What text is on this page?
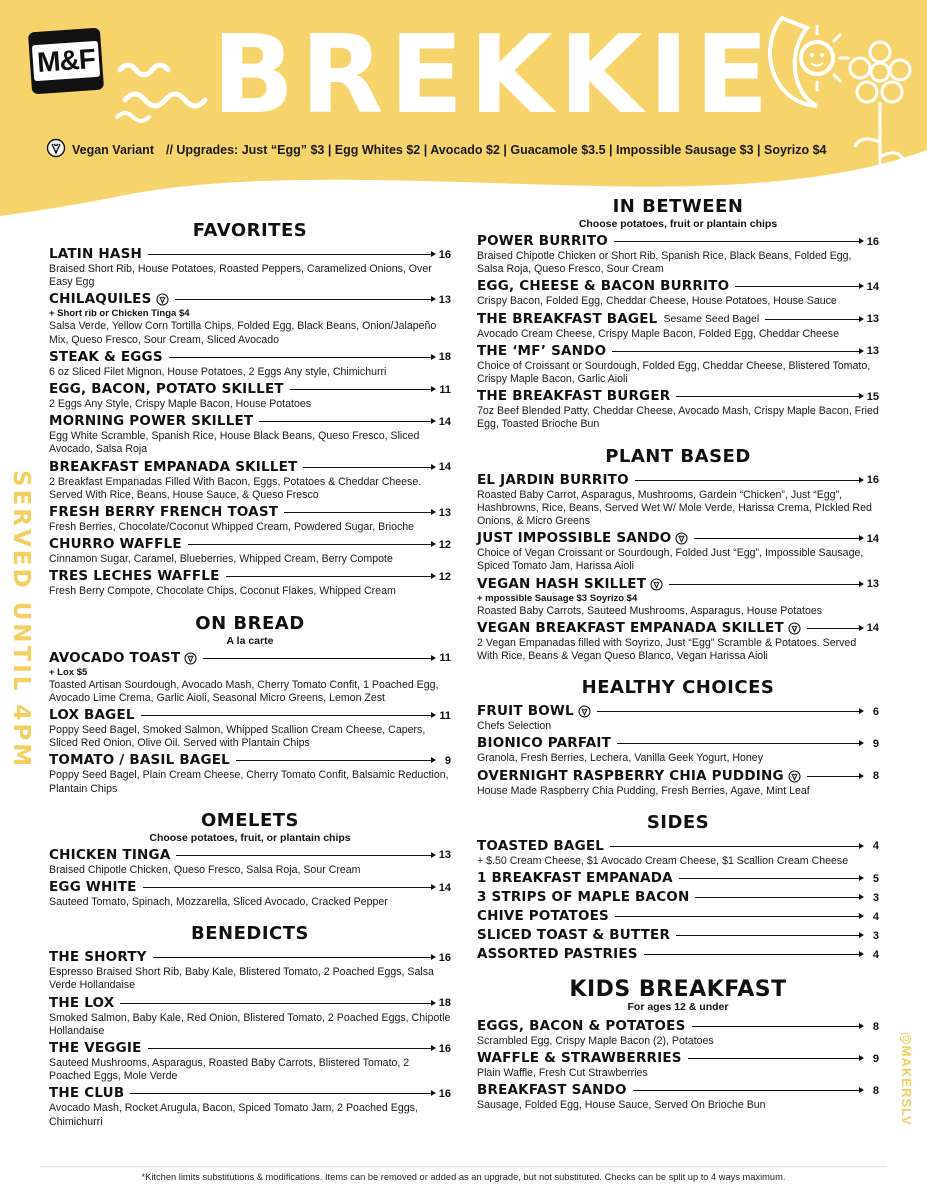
M&F BREKKIE
Vegan Variant // Upgrades: Just “Egg” $3 | Egg Whites $2 | Avocado $2 | Guacamole $3.5 | Impossible Sausage $3 | Soyrizo $4
SERVED UNTIL 4PM
@MAKERSLV
FAVORITES
LATIN HASH	16
Braised Short Rib, House Potatoes, Roasted Peppers, Caramelized Onions, Over Easy Egg
CHILAQUILES	13
+ Short rib or Chicken Tinga $4
Salsa Verde, Yellow Corn Tortilla Chips, Folded Egg, Black Beans, Onion/Jalapeño Mix, Queso Fresco, Sour Cream, Sliced Avocado
STEAK & EGGS	18
6 oz Sliced Filet Mignon, House Potatoes, 2 Eggs Any style, Chimichurri
EGG, BACON, POTATO SKILLET	11
2 Eggs Any Style, Crispy Maple Bacon, House Potatoes
MORNING POWER SKILLET	14
Egg White Scramble, Spanish Rice, House Black Beans, Queso Fresco, Sliced Avocado, Salsa Roja
BREAKFAST EMPANADA SKILLET	14
2 Breakfast Empanadas Filled With Bacon, Eggs, Potatoes & Cheddar Cheese. Served With Rice, Beans, House Sauce, & Queso Fresco
FRESH BERRY FRENCH TOAST	13
Fresh Berries, Chocolate/Coconut Whipped Cream, Powdered Sugar, Brioche
CHURRO WAFFLE	12
Cinnamon Sugar, Caramel, Blueberries, Whipped Cream, Berry Compote
TRES LECHES WAFFLE	12
Fresh Berry Compote, Chocolate Chips, Coconut Flakes, Whipped Cream
ON BREAD
A la carte
AVOCADO TOAST	11
+ Lox $5
Toasted Artisan Sourdough, Avocado Mash, Cherry Tomato Confit, 1 Poached Egg, Avocado Lime Crema, Garlic Aioli, Seasonal Micro Greens, Lemon Zest
LOX BAGEL	11
Poppy Seed Bagel, Smoked Salmon, Whipped Scallion Cream Cheese, Capers, Sliced Red Onion, Olive Oil. Served with Plantain Chips
TOMATO / BASIL BAGEL	9
Poppy Seed Bagel, Plain Cream Cheese, Cherry Tomato Confit, Balsamic Reduction, Plantain Chips
OMELETS
Choose potatoes, fruit, or plantain chips
CHICKEN TINGA	13
Braised Chipotle Chicken, Queso Fresco, Salsa Roja, Sour Cream
EGG WHITE	14
Sauteed Tomato, Spinach, Mozzarella, Sliced Avocado, Cracked Pepper
BENEDICTS
THE SHORTY	16
Espresso Braised Short Rib, Baby Kale, Blistered Tomato, 2 Poached Eggs, Salsa Verde Hollandaise
THE LOX	18
Smoked Salmon, Baby Kale, Red Onion, Blistered Tomato, 2 Poached Eggs, Chipotle Hollandaise
THE VEGGIE	16
Sauteed Mushrooms, Asparagus, Roasted Baby Carrots, Blistered Tomato, 2 Poached Eggs, Mole Verde
THE CLUB	16
Avocado Mash, Rocket Arugula, Bacon, Spiced Tomato Jam, 2 Poached Eggs, Chimichurri
IN BETWEEN
Choose potatoes, fruit or plantain chips
POWER BURRITO	16
Braised Chipotle Chicken or Short Rib, Spanish Rice, Black Beans, Folded Egg, Salsa Roja, Queso Fresco, Sour Cream
EGG, CHEESE & BACON BURRITO	14
Crispy Bacon, Folded Egg, Cheddar Cheese, House Potatoes, House Sauce
THE BREAKFAST BAGEL Sesame Seed Bagel	13
Avocado Cream Cheese, Crispy Maple Bacon, Folded Egg, Cheddar Cheese
THE ‘MF’ SANDO	13
Choice of Croissant or Sourdough, Folded Egg, Cheddar Cheese, Blistered Tomato, Crispy Maple Bacon, Garlic Aioli
THE BREAKFAST BURGER	15
7oz Beef Blended Patty, Cheddar Cheese, Avocado Mash, Crispy Maple Bacon, Fried Egg, Toasted Brioche Bun
PLANT BASED
EL JARDIN BURRITO	16
Roasted Baby Carrot, Asparagus, Mushrooms, Gardein “Chicken”, Just “Egg”, Hashbrowns, Rice, Beans, Served Wet W/ Mole Verde, Harissa Crema, PIckled Red Onions, & Micro Greens
JUST IMPOSSIBLE SANDO	14
Choice of Vegan Croissant or Sourdough, Folded Just “Egg”, Impossible Sausage, Spiced Tomato Jam, Harissa Aioli
VEGAN HASH SKILLET	13
+ mpossible Sausage $3 Soyrizo $4
Roasted Baby Carrots, Sauteed Mushrooms, Asparagus, House Potatoes
VEGAN BREAKFAST EMPANADA SKILLET	14
2 Vegan Empanadas filled with Soyrizo, Just “Egg” Scramble & Potatoes. Served With Rice, Beans & Vegan Queso Blanco, Vegan Harissa Aioli
HEALTHY CHOICES
FRUIT BOWL	6
Chefs Selection
BIONICO PARFAIT	9
Granola, Fresh Berries, Lechera, Vanilla Geek Yogurt, Honey
OVERNIGHT RASPBERRY CHIA PUDDING	8
House Made Raspberry Chia Pudding, Fresh Berries, Agave, Mint Leaf
SIDES
TOASTED BAGEL	4
+ $.50 Cream Cheese, $1 Avocado Cream Cheese, $1 Scallion Cream Cheese
1 BREAKFAST EMPANADA	5
3 STRIPS OF MAPLE BACON	3
CHIVE POTATOES	4
SLICED TOAST & BUTTER	3
ASSORTED PASTRIES	4
KIDS BREAKFAST
For ages 12 & under
EGGS, BACON & POTATOES	8
Scrambled Egg, Crispy Maple Bacon (2), Potatoes
WAFFLE & STRAWBERRIES	9
Plain Waffle, Fresh Cut Strawberries
BREAKFAST SANDO	8
Sausage, Folded Egg, House Sauce, Served On Brioche Bun
*Kitchen limits substitutions & modifications. Items can be removed or added as an upgrade, but not substituted. Checks can be split up to 4 ways maximum.
